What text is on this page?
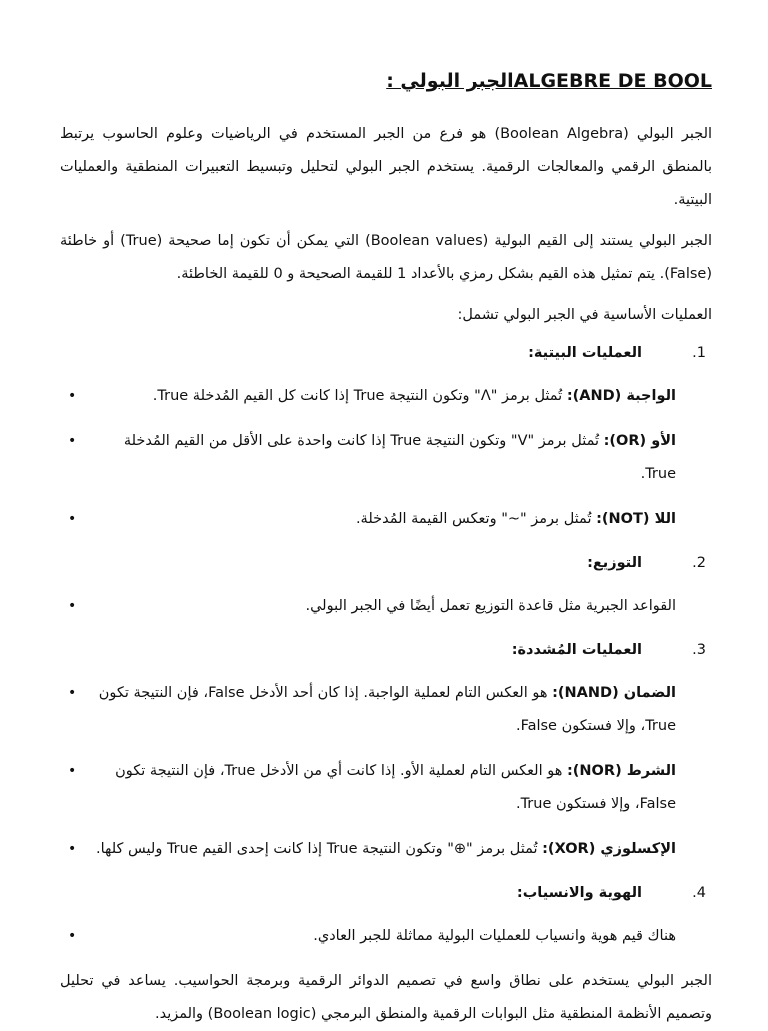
ALGEBRE DE BOOLالجبر البولي :

الجبر البولي (Boolean Algebra) هو فرع من الجبر المستخدم في الرياضيات وعلوم الحاسوب يرتبط بالمنطق الرقمي والمعالجات الرقمية. يستخدم الجبر البولي لتحليل وتبسيط التعبيرات المنطقية والعمليات البيتية.

الجبر البولي يستند إلى القيم البولية (Boolean values) التي يمكن أن تكون إما صحيحة (True) أو خاطئة (False). يتم تمثيل هذه القيم بشكل رمزي بالأعداد 1 للقيمة الصحيحة و 0 للقيمة الخاطئة.

العمليات الأساسية في الجبر البولي تشمل:

العمليات البيتية:	1.
•	الواجبة (AND): تُمثل برمز "Λ" وتكون النتيجة True إذا كانت كل القيم المُدخلة True.
•	الأو (OR): تُمثل برمز "V" وتكون النتيجة True إذا كانت واحدة على الأقل من القيم المُدخلة True.
•	اللا (NOT): تُمثل برمز "~" وتعكس القيمة المُدخلة.
التوزيع:	2.
•	القواعد الجبرية مثل قاعدة التوزيع تعمل أيضًا في الجبر البولي.
العمليات المُشددة:	3.
•	الضمان (NAND): هو العكس التام لعملية الواجبة. إذا كان أحد الأدخل False، فإن النتيجة تكون True، وإلا فستكون False.
•	الشرط (NOR): هو العكس التام لعملية الأو. إذا كانت أي من الأدخل True، فإن النتيجة تكون False، وإلا فستكون True.
•	الإكسلوزي (XOR): تُمثل برمز "⊕" وتكون النتيجة True إذا كانت إحدى القيم True وليس كلها.
الهوية والانسياب:	4.
•	هناك قيم هوية وانسياب للعمليات البولية مماثلة للجبر العادي.

الجبر البولي يستخدم على نطاق واسع في تصميم الدوائر الرقمية وبرمجة الحواسيب. يساعد في تحليل وتصميم الأنظمة المنطقية مثل البوابات الرقمية والمنطق البرمجي (Boolean logic) والمزيد.
